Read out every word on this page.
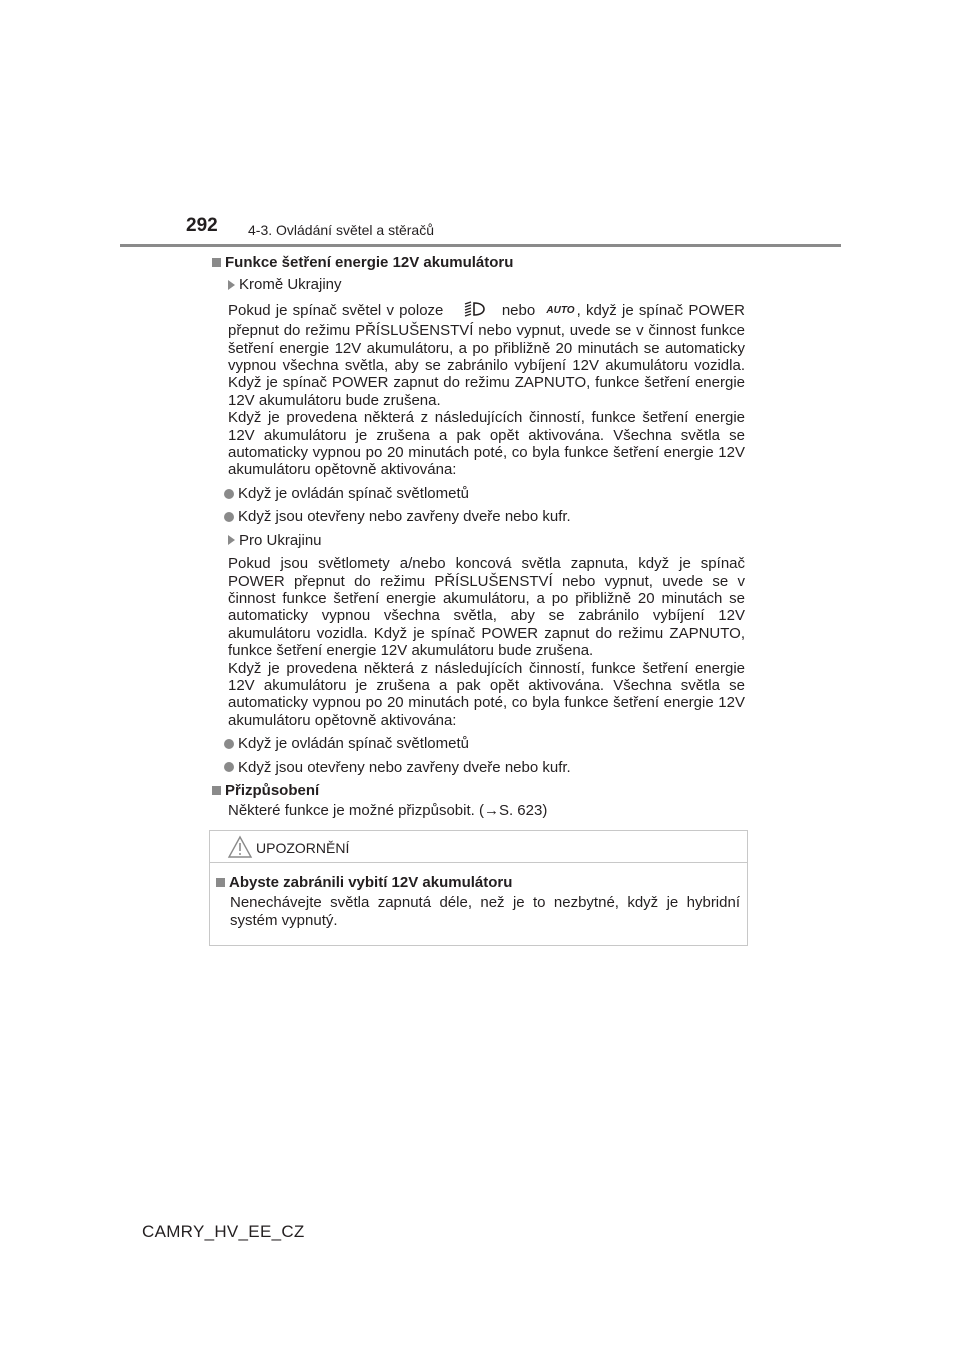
292 4-3. Ovládání světel a stěračů
Funkce šetření energie 12V akumulátoru
Kromě Ukrajiny

Pokud je spínač světel v poloze	nebo AUTO , když je spínač POWER přepnut do režimu PŘÍSLUŠENSTVÍ nebo vypnut, uvede se v činnost funkce šetření energie 12V akumulátoru, a po přibližně 20 minutách se automaticky vypnou všechna světla, aby se zabránilo vybíjení 12V akumulátoru vozidla. Když je spínač POWER zapnut do režimu ZAPNUTO, funkce šetření energie 12V akumulátoru bude zrušena.

Když je provedena některá z následujících činností, funkce šetření energie 12V akumulátoru je zrušena a pak opět aktivována. Všechna světla se automaticky vypnou po 20 minutách poté, co byla funkce šetření energie 12V akumulátoru opětovně aktivována:

Když je ovládán spínač světlometů
Když jsou otevřeny nebo zavřeny dveře nebo kufr.
Pro Ukrajinu

Pokud jsou světlomety a/nebo koncová světla zapnuta, když je spínač POWER přepnut do režimu PŘÍSLUŠENSTVÍ nebo vypnut, uvede se v činnost funkce šetření energie akumulátoru, a po přibližně 20 minutách se automaticky vypnou všechna světla, aby se zabránilo vybíjení 12V akumulátoru vozidla. Když je spínač POWER zapnut do režimu ZAPNUTO, funkce šetření energie 12V akumulátoru bude zrušena.

Když je provedena některá z následujících činností, funkce šetření energie 12V akumulátoru je zrušena a pak opět aktivována. Všechna světla se automaticky vypnou po 20 minutách poté, co byla funkce šetření energie 12V akumulátoru opětovně aktivována:

Když je ovládán spínač světlometů
Když jsou otevřeny nebo zavřeny dveře nebo kufr.
Přizpůsobení
Některé funkce je možné přizpůsobit. (→S. 623)
UPOZORNĚNÍ
Abyste zabránili vybití 12V akumulátoru
Nenechávejte světla zapnutá déle, než je to nezbytné, když je hybridní systém vypnutý.
CAMRY_HV_EE_CZ
